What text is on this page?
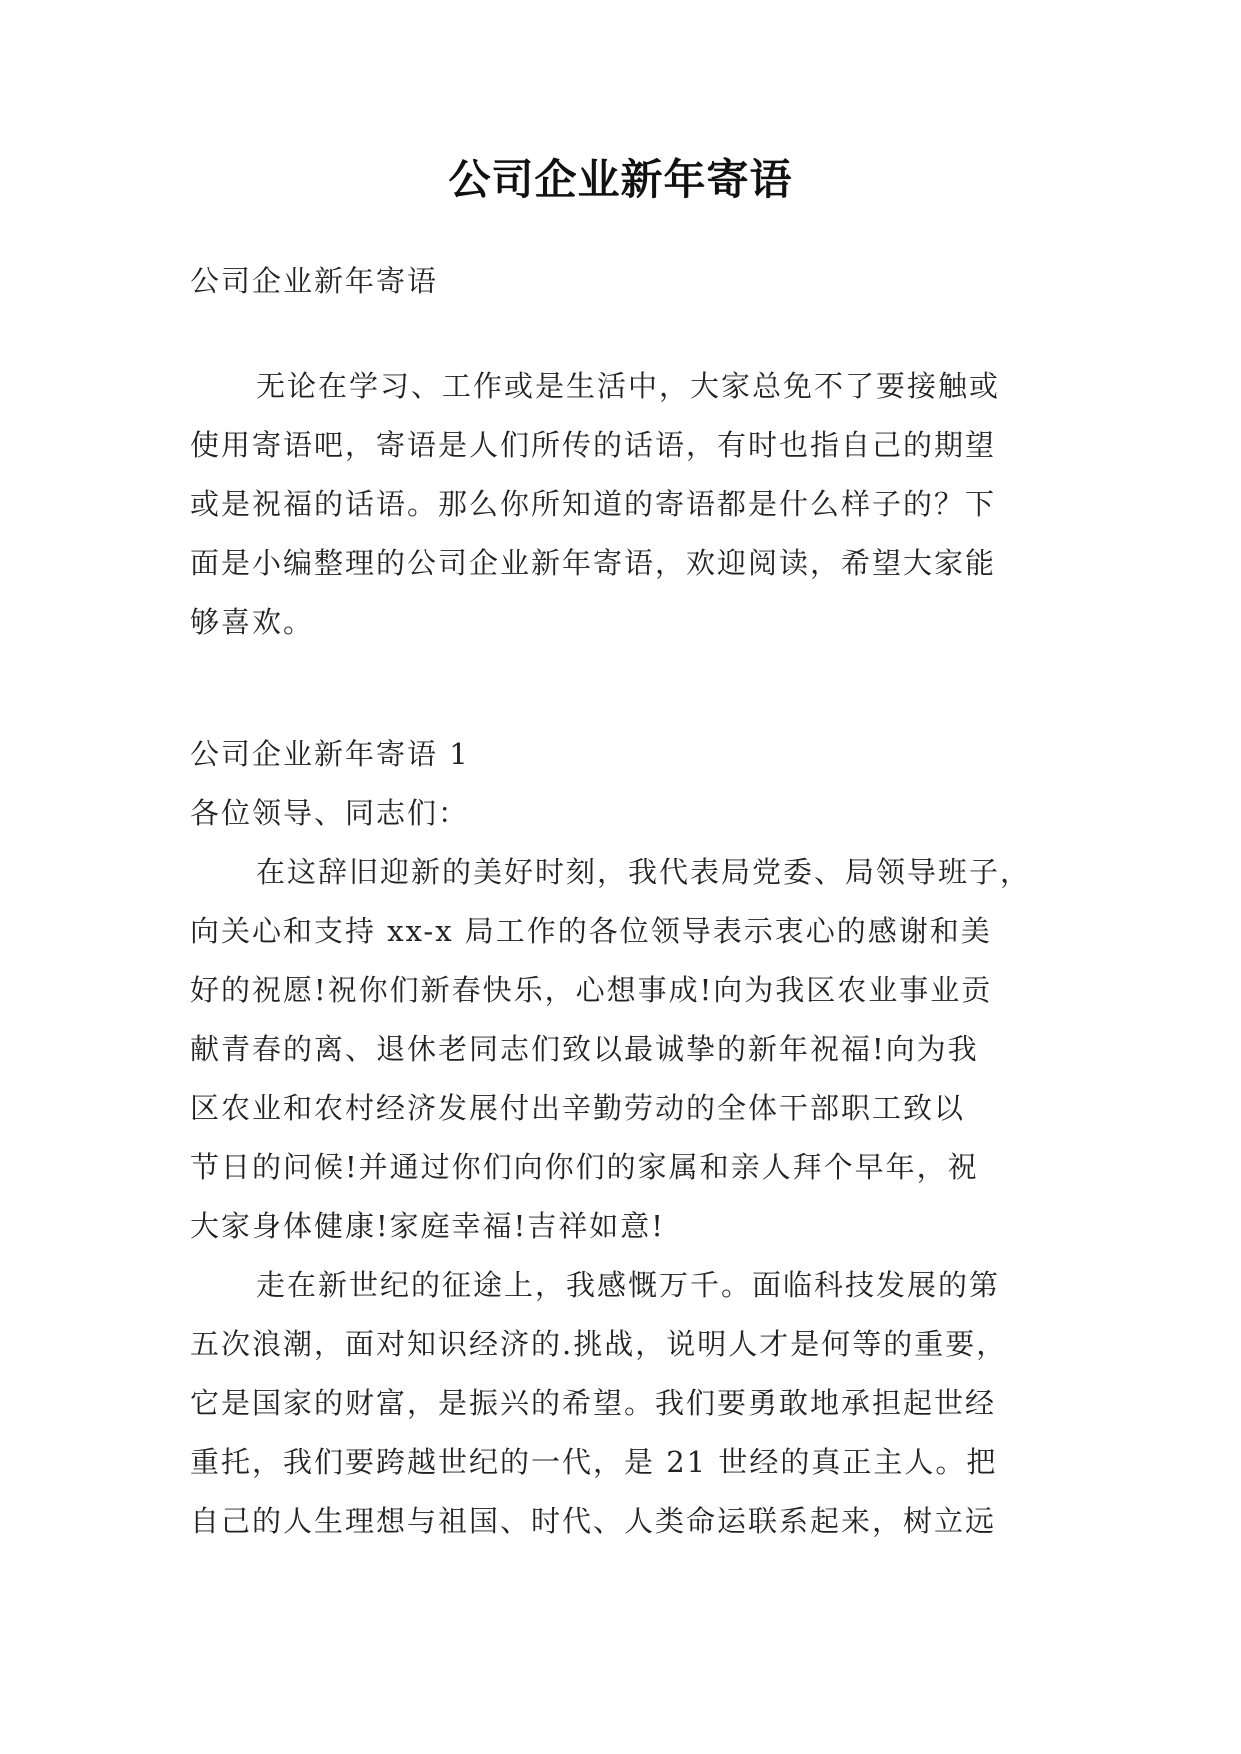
公司企业新年寄语
公司企业新年寄语
无论在学习、工作或是生活中，大家总免不了要接触或
使用寄语吧，寄语是人们所传的话语，有时也指自己的期望
或是祝福的话语。那么你所知道的寄语都是什么样子的？下
面是小编整理的公司企业新年寄语，欢迎阅读，希望大家能
够喜欢。
公司企业新年寄语 1
各位领导、同志们：
在这辞旧迎新的美好时刻，我代表局党委、局领导班子，
向关心和支持 xx-x 局工作的各位领导表示衷心的感谢和美
好的祝愿!祝你们新春快乐，心想事成!向为我区农业事业贡
献青春的离、退休老同志们致以最诚挚的新年祝福!向为我
区农业和农村经济发展付出辛勤劳动的全体干部职工致以
节日的问候!并通过你们向你们的家属和亲人拜个早年，祝
大家身体健康!家庭幸福!吉祥如意!
走在新世纪的征途上，我感慨万千。面临科技发展的第
五次浪潮，面对知识经济的.挑战，说明人才是何等的重要，
它是国家的财富，是振兴的希望。我们要勇敢地承担起世经
重托，我们要跨越世纪的一代，是 21 世经的真正主人。把
自己的人生理想与祖国、时代、人类命运联系起来，树立远
